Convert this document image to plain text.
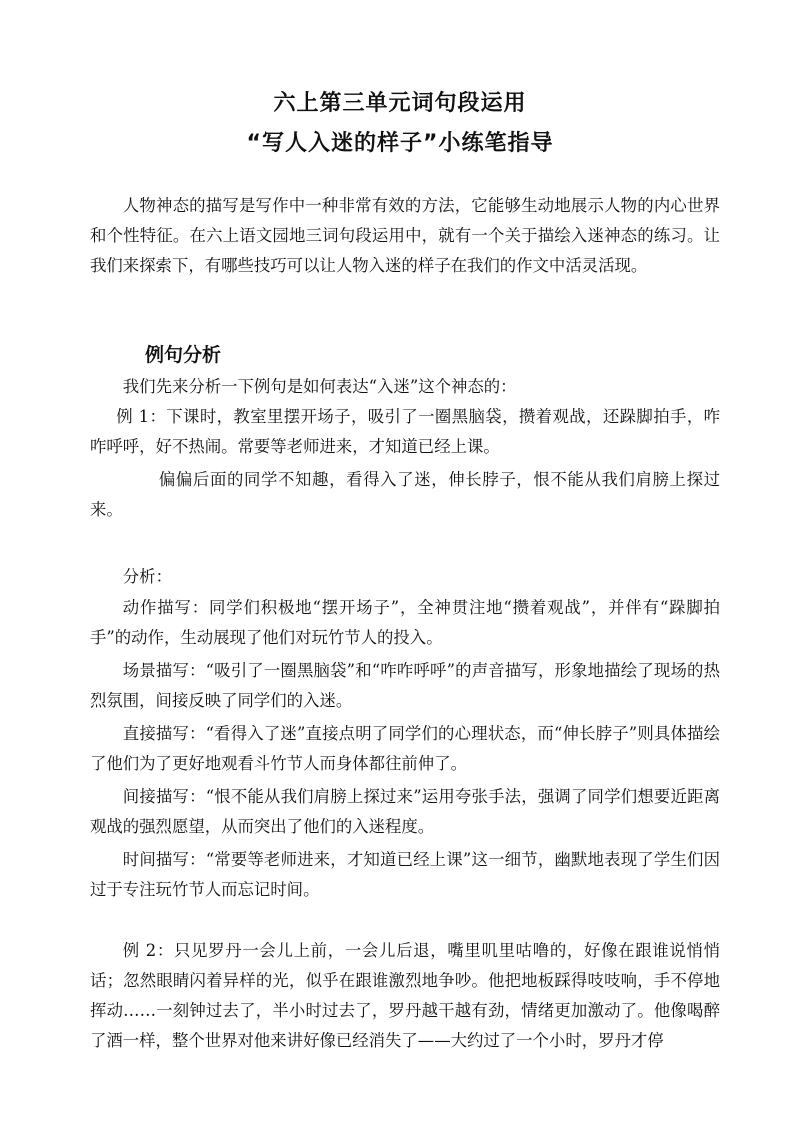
六上第三单元词句段运用
“写人入迷的样子”小练笔指导

人物神态的描写是写作中一种非常有效的方法，它能够生动地展示人物的内心世界和个性特征。在六上语文园地三词句段运用中，就有一个关于描绘入迷神态的练习。让我们来探索下，有哪些技巧可以让人物入迷的样子在我们的作文中活灵活现。

例句分析

我们先来分析一下例句是如何表达“入迷”这个神态的：

例 1：下课时，教室里摆开场子，吸引了一圈黑脑袋，攒着观战，还跺脚拍手，咋咋呼呼，好不热闹。常要等老师进来，才知道已经上课。

偏偏后面的同学不知趣，看得入了迷，伸长脖子，恨不能从我们肩膀上探过来。

分析：

动作描写：同学们积极地“摆开场子”，全神贯注地“攒着观战”，并伴有“跺脚拍手”的动作，生动展现了他们对玩竹节人的投入。

场景描写：“吸引了一圈黑脑袋”和“咋咋呼呼”的声音描写，形象地描绘了现场的热烈氛围，间接反映了同学们的入迷。

直接描写：“看得入了迷”直接点明了同学们的心理状态，而“伸长脖子”则具体描绘了他们为了更好地观看斗竹节人而身体都往前伸了。

间接描写：“恨不能从我们肩膀上探过来”运用夸张手法，强调了同学们想要近距离观战的强烈愿望，从而突出了他们的入迷程度。

时间描写：“常要等老师进来，才知道已经上课”这一细节，幽默地表现了学生们因过于专注玩竹节人而忘记时间。

例 2：只见罗丹一会儿上前，一会儿后退，嘴里叽里咕噜的，好像在跟谁说悄悄话；忽然眼睛闪着异样的光，似乎在跟谁激烈地争吵。他把地板踩得吱吱响，手不停地挥动……一刻钟过去了，半小时过去了，罗丹越干越有劲，情绪更加激动了。他像喝醉了酒一样，整个世界对他来讲好像已经消失了——大约过了一个小时，罗丹才停
